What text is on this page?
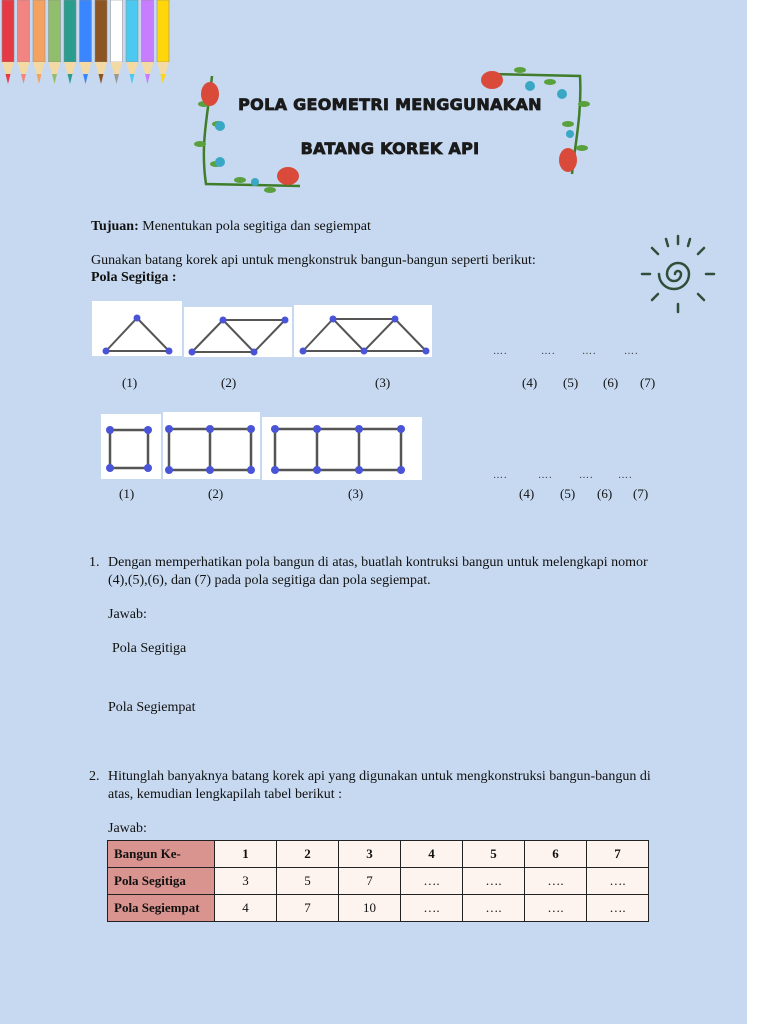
POLA GEOMETRI MENGGUNAKAN
BATANG KOREK API
Tujuan: Menentukan pola segitiga dan segiempat
Gunakan batang korek api untuk mengkonstruk bangun-bangun seperti berikut:
Pola Segitiga :
….	….	….	….
(1)	(2)	(3)	(4) (5) (6) (7)
….	….	…. ….
(1)	(2)	(3)	(4) (5) (6) (7)
1. Dengan memperhatikan pola bangun di atas, buatlah kontruksi bangun untuk melengkapi nomor
(4),(5),(6), dan (7) pada pola segitiga dan pola segiempat.
Jawab:
Pola Segitiga
Pola Segiempat
2. Hitunglah banyaknya batang korek api yang digunakan untuk mengkonstruksi bangun-bangun di
atas, kemudian lengkapilah tabel berikut :
Jawab:
Bangun Ke-	1	2	3	4	5	6	7
Pola Segitiga	3	5	7	….	….	….	….
Pola Segiempat	4	7	10	….	….	….	….
